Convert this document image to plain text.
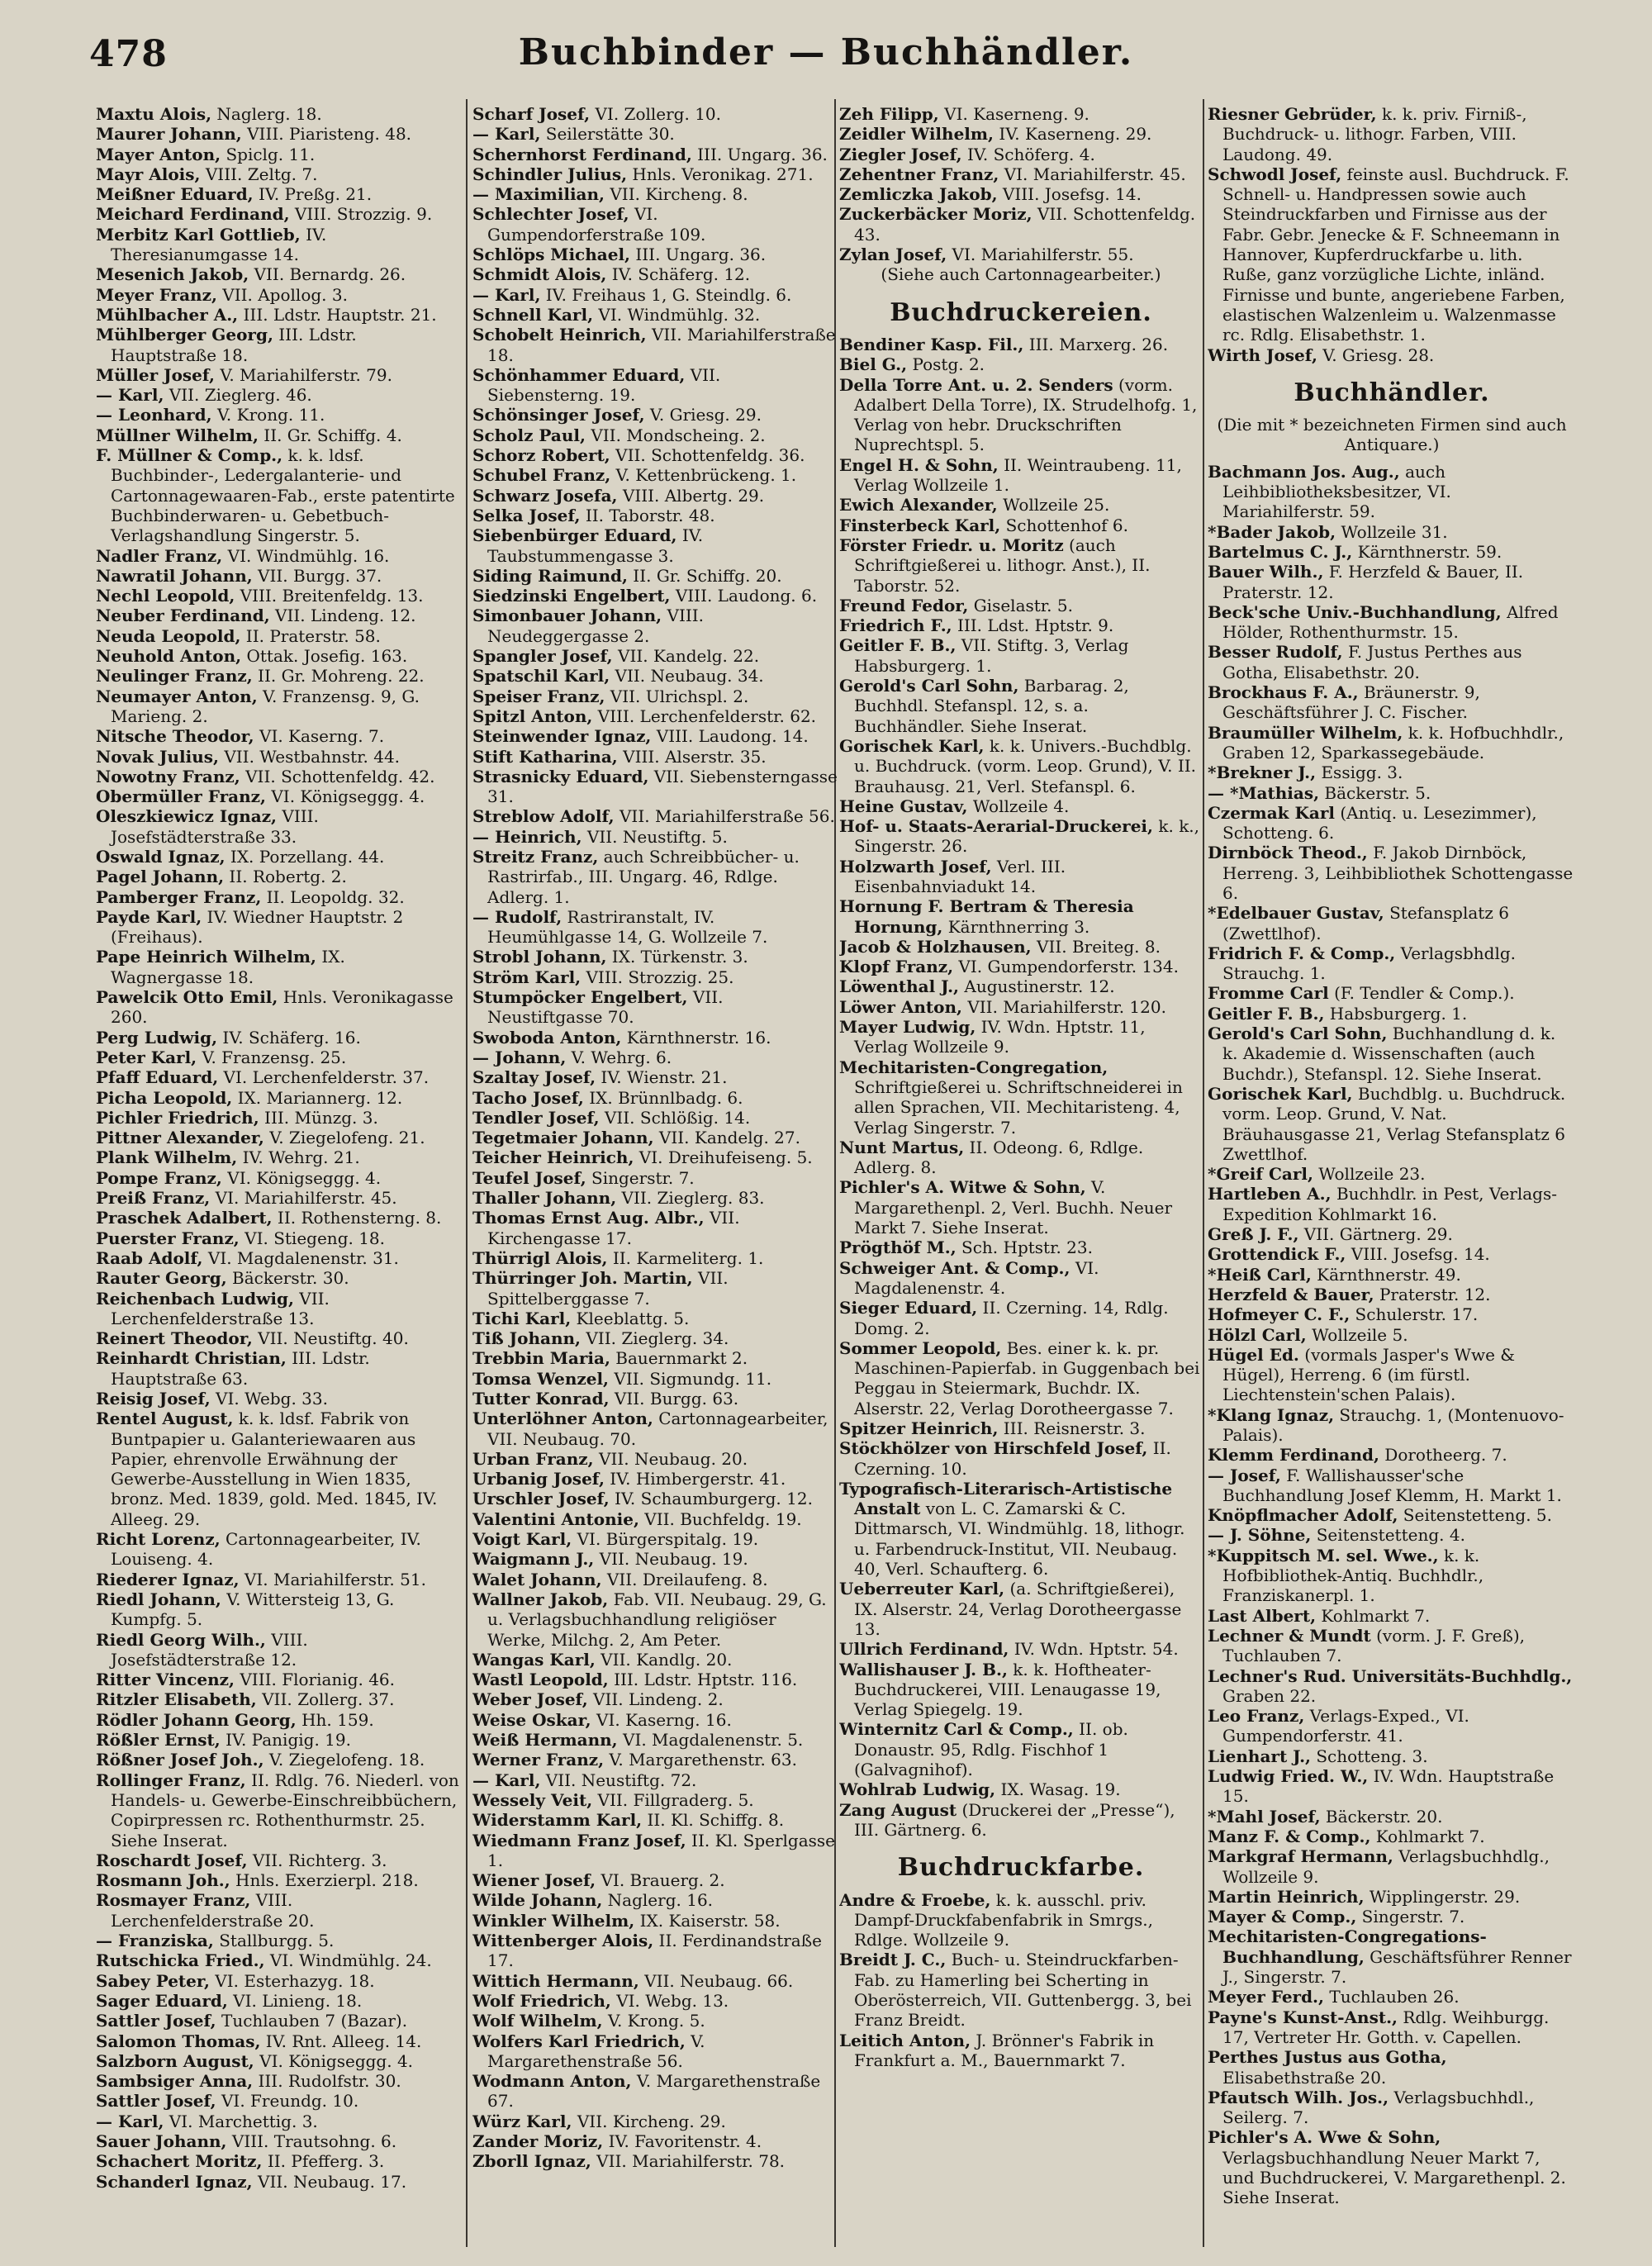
478	Buchbinder — Buchhändler.

Maxtu Alois, Naglerg. 18.

Maurer Johann, VIII. Piaristeng. 48.

Mayer Anton, Spiclg. 11.

Mayr Alois, VIII. Zeltg. 7.

Meißner Eduard, IV. Preßg. 21.

Meichard Ferdinand, VIII. Strozzig. 9.

Merbitz Karl Gottlieb, IV. Theresianumgasse 14.

Mesenich Jakob, VII. Bernardg. 26.

Meyer Franz, VII. Apollog. 3.

Mühlbacher A., III. Ldstr. Hauptstr. 21.

Mühlberger Georg, III. Ldstr. Hauptstraße 18.

Müller Josef, V. Mariahilferstr. 79.

— Karl, VII. Zieglerg. 46.

— Leonhard, V. Krong. 11.

Müllner Wilhelm, II. Gr. Schiffg. 4.

F. Müllner & Comp., k. k. ldsf. Buchbinder-, Ledergalanterie- und Cartonnagewaaren-Fab., erste patentirte Buchbinderwaren- u. Gebetbuch-Verlagshandlung Singerstr. 5.

Nadler Franz, VI. Windmühlg. 16.

Nawratil Johann, VII. Burgg. 37.

Nechl Leopold, VIII. Breitenfeldg. 13.

Neuber Ferdinand, VII. Lindeng. 12.

Neuda Leopold, II. Praterstr. 58.

Neuhold Anton, Ottak. Josefig. 163.

Neulinger Franz, II. Gr. Mohreng. 22.

Neumayer Anton, V. Franzensg. 9, G. Marieng. 2.

Nitsche Theodor, VI. Kaserng. 7.

Novak Julius, VII. Westbahnstr. 44.

Nowotny Franz, VII. Schottenfeldg. 42.

Obermüller Franz, VI. Königseggg. 4.

Oleszkiewicz Ignaz, VIII. Josefstädterstraße 33.

Oswald Ignaz, IX. Porzellang. 44.

Pagel Johann, II. Robertg. 2.

Pamberger Franz, II. Leopoldg. 32.

Payde Karl, IV. Wiedner Hauptstr. 2 (Freihaus).

Pape Heinrich Wilhelm, IX. Wagnergasse 18.

Pawelcik Otto Emil, Hnls. Veronikagasse 260.

Perg Ludwig, IV. Schäferg. 16.

Peter Karl, V. Franzensg. 25.

Pfaff Eduard, VI. Lerchenfelderstr. 37.

Picha Leopold, IX. Mariannerg. 12.

Pichler Friedrich, III. Münzg. 3.

Pittner Alexander, V. Ziegelofeng. 21.

Plank Wilhelm, IV. Wehrg. 21.

Pompe Franz, VI. Königseggg. 4.

Preiß Franz, VI. Mariahilferstr. 45.

Praschek Adalbert, II. Rothensterng. 8.

Puerster Franz, VI. Stiegeng. 18.

Raab Adolf, VI. Magdalenenstr. 31.

Rauter Georg, Bäckerstr. 30.

Reichenbach Ludwig, VII. Lerchenfelderstraße 13.

Reinert Theodor, VII. Neustiftg. 40.

Reinhardt Christian, III. Ldstr. Hauptstraße 63.

Reisig Josef, VI. Webg. 33.

Rentel August, k. k. ldsf. Fabrik von Buntpapier u. Galanteriewaaren aus Papier, ehrenvolle Erwähnung der Gewerbe-Ausstellung in Wien 1835, bronz. Med. 1839, gold. Med. 1845, IV. Alleeg. 29.

Richt Lorenz, Cartonnagearbeiter, IV. Louiseng. 4.

Riederer Ignaz, VI. Mariahilferstr. 51.

Riedl Johann, V. Wittersteig 13, G. Kumpfg. 5.

Riedl Georg Wilh., VIII. Josefstädterstraße 12.

Ritter Vincenz, VIII. Florianig. 46.

Ritzler Elisabeth, VII. Zollerg. 37.

Rödler Johann Georg, Hh. 159.

Rößler Ernst, IV. Panigig. 19.

Rößner Josef Joh., V. Ziegelofeng. 18.

Rollinger Franz, II. Rdlg. 76. Niederl. von Handels- u. Gewerbe-Einschreibbüchern, Copirpressen rc. Rothenthurmstr. 25. Siehe Inserat.

Roschardt Josef, VII. Richterg. 3.

Rosmann Joh., Hnls. Exerzierpl. 218.

Rosmayer Franz, VIII. Lerchenfelderstraße 20.

— Franziska, Stallburgg. 5.

Rutschicka Fried., VI. Windmühlg. 24.

Sabey Peter, VI. Esterhazyg. 18.

Sager Eduard, VI. Linieng. 18.

Sattler Josef, Tuchlauben 7 (Bazar).

Salomon Thomas, IV. Rnt. Alleeg. 14.

Salzborn August, VI. Königseggg. 4.

Sambsiger Anna, III. Rudolfstr. 30.

Sattler Josef, VI. Freundg. 10.

— Karl, VI. Marchettig. 3.

Sauer Johann, VIII. Trautsohng. 6.

Schachert Moritz, II. Pfefferg. 3.

Schanderl Ignaz, VII. Neubaug. 17.

Scharf Josef, VI. Zollerg. 10.

— Karl, Seilerstätte 30.

Schernhorst Ferdinand, III. Ungarg. 36.

Schindler Julius, Hnls. Veronikag. 271.

— Maximilian, VII. Kircheng. 8.

Schlechter Josef, VI. Gumpendorferstraße 109.

Schlöps Michael, III. Ungarg. 36.

Schmidt Alois, IV. Schäferg. 12.

— Karl, IV. Freihaus 1, G. Steindlg. 6.

Schnell Karl, VI. Windmühlg. 32.

Schobelt Heinrich, VII. Mariahilferstraße 18.

Schönhammer Eduard, VII. Siebensterng. 19.

Schönsinger Josef, V. Griesg. 29.

Scholz Paul, VII. Mondscheing. 2.

Schorz Robert, VII. Schottenfeldg. 36.

Schubel Franz, V. Kettenbrückeng. 1.

Schwarz Josefa, VIII. Albertg. 29.

Selka Josef, II. Taborstr. 48.

Siebenbürger Eduard, IV. Taubstummengasse 3.

Siding Raimund, II. Gr. Schiffg. 20.

Siedzinski Engelbert, VIII. Laudong. 6.

Simonbauer Johann, VIII. Neudeggergasse 2.

Spangler Josef, VII. Kandelg. 22.

Spatschil Karl, VII. Neubaug. 34.

Speiser Franz, VII. Ulrichspl. 2.

Spitzl Anton, VIII. Lerchenfelderstr. 62.

Steinwender Ignaz, VIII. Laudong. 14.

Stift Katharina, VIII. Alserstr. 35.

Strasnicky Eduard, VII. Siebensterngasse 31.

Streblow Adolf, VII. Mariahilferstraße 56.

— Heinrich, VII. Neustiftg. 5.

Streitz Franz, auch Schreibbücher- u. Rastrirfab., III. Ungarg. 46, Rdlge. Adlerg. 1.

— Rudolf, Rastriranstalt, IV. Heumühlgasse 14, G. Wollzeile 7.

Strobl Johann, IX. Türkenstr. 3.

Ström Karl, VIII. Strozzig. 25.

Stumpöcker Engelbert, VII. Neustiftgasse 70.

Swoboda Anton, Kärnthnerstr. 16.

— Johann, V. Wehrg. 6.

Szaltay Josef, IV. Wienstr. 21.

Tacho Josef, IX. Brünnlbadg. 6.

Tendler Josef, VII. Schlößig. 14.

Tegetmaier Johann, VII. Kandelg. 27.

Teicher Heinrich, VI. Dreihufeiseng. 5.

Teufel Josef, Singerstr. 7.

Thaller Johann, VII. Zieglerg. 83.

Thomas Ernst Aug. Albr., VII. Kirchengasse 17.

Thürrigl Alois, II. Karmeliterg. 1.

Thürringer Joh. Martin, VII. Spittelberggasse 7.

Tichi Karl, Kleeblattg. 5.

Tiß Johann, VII. Zieglerg. 34.

Trebbin Maria, Bauernmarkt 2.

Tomsa Wenzel, VII. Sigmundg. 11.

Tutter Konrad, VII. Burgg. 63.

Unterlöhner Anton, Cartonnagearbeiter, VII. Neubaug. 70.

Urban Franz, VII. Neubaug. 20.

Urbanig Josef, IV. Himbergerstr. 41.

Urschler Josef, IV. Schaumburgerg. 12.

Valentini Antonie, VII. Buchfeldg. 19.

Voigt Karl, VI. Bürgerspitalg. 19.

Waigmann J., VII. Neubaug. 19.

Walet Johann, VII. Dreilaufeng. 8.

Wallner Jakob, Fab. VII. Neubaug. 29, G. u. Verlagsbuchhandlung religiöser Werke, Milchg. 2, Am Peter.

Wangas Karl, VII. Kandlg. 20.

Wastl Leopold, III. Ldstr. Hptstr. 116.

Weber Josef, VII. Lindeng. 2.

Weise Oskar, VI. Kaserng. 16.

Weiß Hermann, VI. Magdalenenstr. 5.

Werner Franz, V. Margarethenstr. 63.

— Karl, VII. Neustiftg. 72.

Wessely Veit, VII. Fillgraderg. 5.

Widerstamm Karl, II. Kl. Schiffg. 8.

Wiedmann Franz Josef, II. Kl. Sperlgasse 1.

Wiener Josef, VI. Brauerg. 2.

Wilde Johann, Naglerg. 16.

Winkler Wilhelm, IX. Kaiserstr. 58.

Wittenberger Alois, II. Ferdinandstraße 17.

Wittich Hermann, VII. Neubaug. 66.

Wolf Friedrich, VI. Webg. 13.

Wolf Wilhelm, V. Krong. 5.

Wolfers Karl Friedrich, V. Margarethenstraße 56.

Wodmann Anton, V. Margarethenstraße 67.

Würz Karl, VII. Kircheng. 29.

Zander Moriz, IV. Favoritenstr. 4.

Zborll Ignaz, VII. Mariahilferstr. 78.

Zeh Filipp, VI. Kaserneng. 9.

Zeidler Wilhelm, IV. Kaserneng. 29.

Ziegler Josef, IV. Schöferg. 4.

Zehentner Franz, VI. Mariahilferstr. 45.

Zemliczka Jakob, VIII. Josefsg. 14.

Zuckerbäcker Moriz, VII. Schottenfeldg. 43.

Zylan Josef, VI. Mariahilferstr. 55.

(Siehe auch Cartonnagearbeiter.)
Buchdruckereien.

Bendiner Kasp. Fil., III. Marxerg. 26.

Biel G., Postg. 2.

Della Torre Ant. u. 2. Senders (vorm. Adalbert Della Torre), IX. Strudelhofg. 1, Verlag von hebr. Druckschriften Nuprechtspl. 5.

Engel H. & Sohn, II. Weintraubeng. 11, Verlag Wollzeile 1.

Ewich Alexander, Wollzeile 25.

Finsterbeck Karl, Schottenhof 6.

Förster Friedr. u. Moritz (auch Schriftgießerei u. lithogr. Anst.), II. Taborstr. 52.

Freund Fedor, Giselastr. 5.

Friedrich F., III. Ldst. Hptstr. 9.

Geitler F. B., VII. Stiftg. 3, Verlag Habsburgerg. 1.

Gerold's Carl Sohn, Barbarag. 2, Buchhdl. Stefanspl. 12, s. a. Buchhändler. Siehe Inserat.

Gorischek Karl, k. k. Univers.-Buchdblg. u. Buchdruck. (vorm. Leop. Grund), V. II. Brauhausg. 21, Verl. Stefanspl. 6.

Heine Gustav, Wollzeile 4.

Hof- u. Staats-Aerarial-Druckerei, k. k., Singerstr. 26.

Holzwarth Josef, Verl. III. Eisenbahnviadukt 14.

Hornung F. Bertram & Theresia Hornung, Kärnthnerring 3.

Jacob & Holzhausen, VII. Breiteg. 8.

Klopf Franz, VI. Gumpendorferstr. 134.

Löwenthal J., Augustinerstr. 12.

Löwer Anton, VII. Mariahilferstr. 120.

Mayer Ludwig, IV. Wdn. Hptstr. 11, Verlag Wollzeile 9.

Mechitaristen-Congregation, Schriftgießerei u. Schriftschneiderei in allen Sprachen, VII. Mechitaristeng. 4, Verlag Singerstr. 7.

Nunt Martus, II. Odeong. 6, Rdlge. Adlerg. 8.

Pichler's A. Witwe & Sohn, V. Margarethenpl. 2, Verl. Buchh. Neuer Markt 7. Siehe Inserat.

Prögthöf M., Sch. Hptstr. 23.

Schweiger Ant. & Comp., VI. Magdalenenstr. 4.

Sieger Eduard, II. Czerning. 14, Rdlg. Domg. 2.

Sommer Leopold, Bes. einer k. k. pr. Maschinen-Papierfab. in Guggenbach bei Peggau in Steiermark, Buchdr. IX. Alserstr. 22, Verlag Dorotheergasse 7.

Spitzer Heinrich, III. Reisnerstr. 3.

Stöckhölzer von Hirschfeld Josef, II. Czerning. 10.

Typografisch-Literarisch-Artistische Anstalt von L. C. Zamarski & C. Dittmarsch, VI. Windmühlg. 18, lithogr. u. Farbendruck-Institut, VII. Neubaug. 40, Verl. Schaufterg. 6.

Ueberreuter Karl, (a. Schriftgießerei), IX. Alserstr. 24, Verlag Dorotheergasse 13.

Ullrich Ferdinand, IV. Wdn. Hptstr. 54.

Wallishauser J. B., k. k. Hoftheater-Buchdruckerei, VIII. Lenaugasse 19, Verlag Spiegelg. 19.

Winternitz Carl & Comp., II. ob. Donaustr. 95, Rdlg. Fischhof 1 (Galvagnihof).

Wohlrab Ludwig, IX. Wasag. 19.

Zang August (Druckerei der „Presse“), III. Gärtnerg. 6.

Buchdruckfarbe.

Andre & Froebe, k. k. ausschl. priv. Dampf-Druckfabenfabrik in Smrgs., Rdlge. Wollzeile 9.

Breidt J. C., Buch- u. Steindruckfarben-Fab. zu Hamerling bei Scherting in Oberösterreich, VII. Guttenbergg. 3, bei Franz Breidt.

Leitich Anton, J. Brönner's Fabrik in Frankfurt a. M., Bauernmarkt 7.

Riesner Gebrüder, k. k. priv. Firniß-, Buchdruck- u. lithogr. Farben, VIII. Laudong. 49.

Schwodl Josef, feinste ausl. Buchdruck. F. Schnell- u. Handpressen sowie auch Steindruckfarben und Firnisse aus der Fabr. Gebr. Jenecke & F. Schneemann in Hannover, Kupferdruckfarbe u. lith. Ruße, ganz vorzügliche Lichte, inländ. Firnisse und bunte, angeriebene Farben, elastischen Walzenleim u. Walzenmasse rc. Rdlg. Elisabethstr. 1.

Wirth Josef, V. Griesg. 28.

Buchhändler.
(Die mit * bezeichneten Firmen sind auch Antiquare.)

Bachmann Jos. Aug., auch Leihbibliotheksbesitzer, VI. Mariahilferstr. 59.

*Bader Jakob, Wollzeile 31.

Bartelmus C. J., Kärnthnerstr. 59.

Bauer Wilh., F. Herzfeld & Bauer, II. Praterstr. 12.

Beck'sche Univ.-Buchhandlung, Alfred Hölder, Rothenthurmstr. 15.

Besser Rudolf, F. Justus Perthes aus Gotha, Elisabethstr. 20.

Brockhaus F. A., Bräunerstr. 9, Geschäftsführer J. C. Fischer.

Braumüller Wilhelm, k. k. Hofbuchhdlr., Graben 12, Sparkassegebäude.

*Brekner J., Essigg. 3.

— *Mathias, Bäckerstr. 5.

Czermak Karl (Antiq. u. Lesezimmer), Schotteng. 6.

Dirnböck Theod., F. Jakob Dirnböck, Herreng. 3, Leihbibliothek Schottengasse 6.

*Edelbauer Gustav, Stefansplatz 6 (Zwettlhof).

Fridrich F. & Comp., Verlagsbhdlg. Strauchg. 1.

Fromme Carl (F. Tendler & Comp.).

Geitler F. B., Habsburgerg. 1.

Gerold's Carl Sohn, Buchhandlung d. k. k. Akademie d. Wissenschaften (auch Buchdr.), Stefanspl. 12. Siehe Inserat.

Gorischek Karl, Buchdblg. u. Buchdruck. vorm. Leop. Grund, V. Nat. Bräuhausgasse 21, Verlag Stefansplatz 6 Zwettlhof.

*Greif Carl, Wollzeile 23.

Hartleben A., Buchhdlr. in Pest, Verlags-Expedition Kohlmarkt 16.

Greß J. F., VII. Gärtnerg. 29.

Grottendick F., VIII. Josefsg. 14.

*Heiß Carl, Kärnthnerstr. 49.

Herzfeld & Bauer, Praterstr. 12.

Hofmeyer C. F., Schulerstr. 17.

Hölzl Carl, Wollzeile 5.

Hügel Ed. (vormals Jasper's Wwe & Hügel), Herreng. 6 (im fürstl. Liechtenstein'schen Palais).

*Klang Ignaz, Strauchg. 1, (Montenuovo-Palais).

Klemm Ferdinand, Dorotheerg. 7.

— Josef, F. Wallishausser'sche Buchhandlung Josef Klemm, H. Markt 1.

Knöpflmacher Adolf, Seitenstetteng. 5.

— J. Söhne, Seitenstetteng. 4.

*Kuppitsch M. sel. Wwe., k. k. Hofbibliothek-Antiq. Buchhdlr., Franziskanerpl. 1.

Last Albert, Kohlmarkt 7.

Lechner & Mundt (vorm. J. F. Greß), Tuchlauben 7.

Lechner's Rud. Universitäts-Buchhdlg., Graben 22.

Leo Franz, Verlags-Exped., VI. Gumpendorferstr. 41.

Lienhart J., Schotteng. 3.

Ludwig Fried. W., IV. Wdn. Hauptstraße 15.

*Mahl Josef, Bäckerstr. 20.

Manz F. & Comp., Kohlmarkt 7.

Markgraf Hermann, Verlagsbuchhdlg., Wollzeile 9.

Martin Heinrich, Wipplingerstr. 29.

Mayer & Comp., Singerstr. 7.

Mechitaristen-Congregations-Buchhandlung, Geschäftsführer Renner J., Singerstr. 7.

Meyer Ferd., Tuchlauben 26.

Payne's Kunst-Anst., Rdlg. Weihburgg. 17, Vertreter Hr. Gotth. v. Capellen.

Perthes Justus aus Gotha, Elisabethstraße 20.

Pfautsch Wilh. Jos., Verlagsbuchhdl., Seilerg. 7.

Pichler's A. Wwe & Sohn, Verlagsbuchhandlung Neuer Markt 7, und Buchdruckerei, V. Margarethenpl. 2. Siehe Inserat.
